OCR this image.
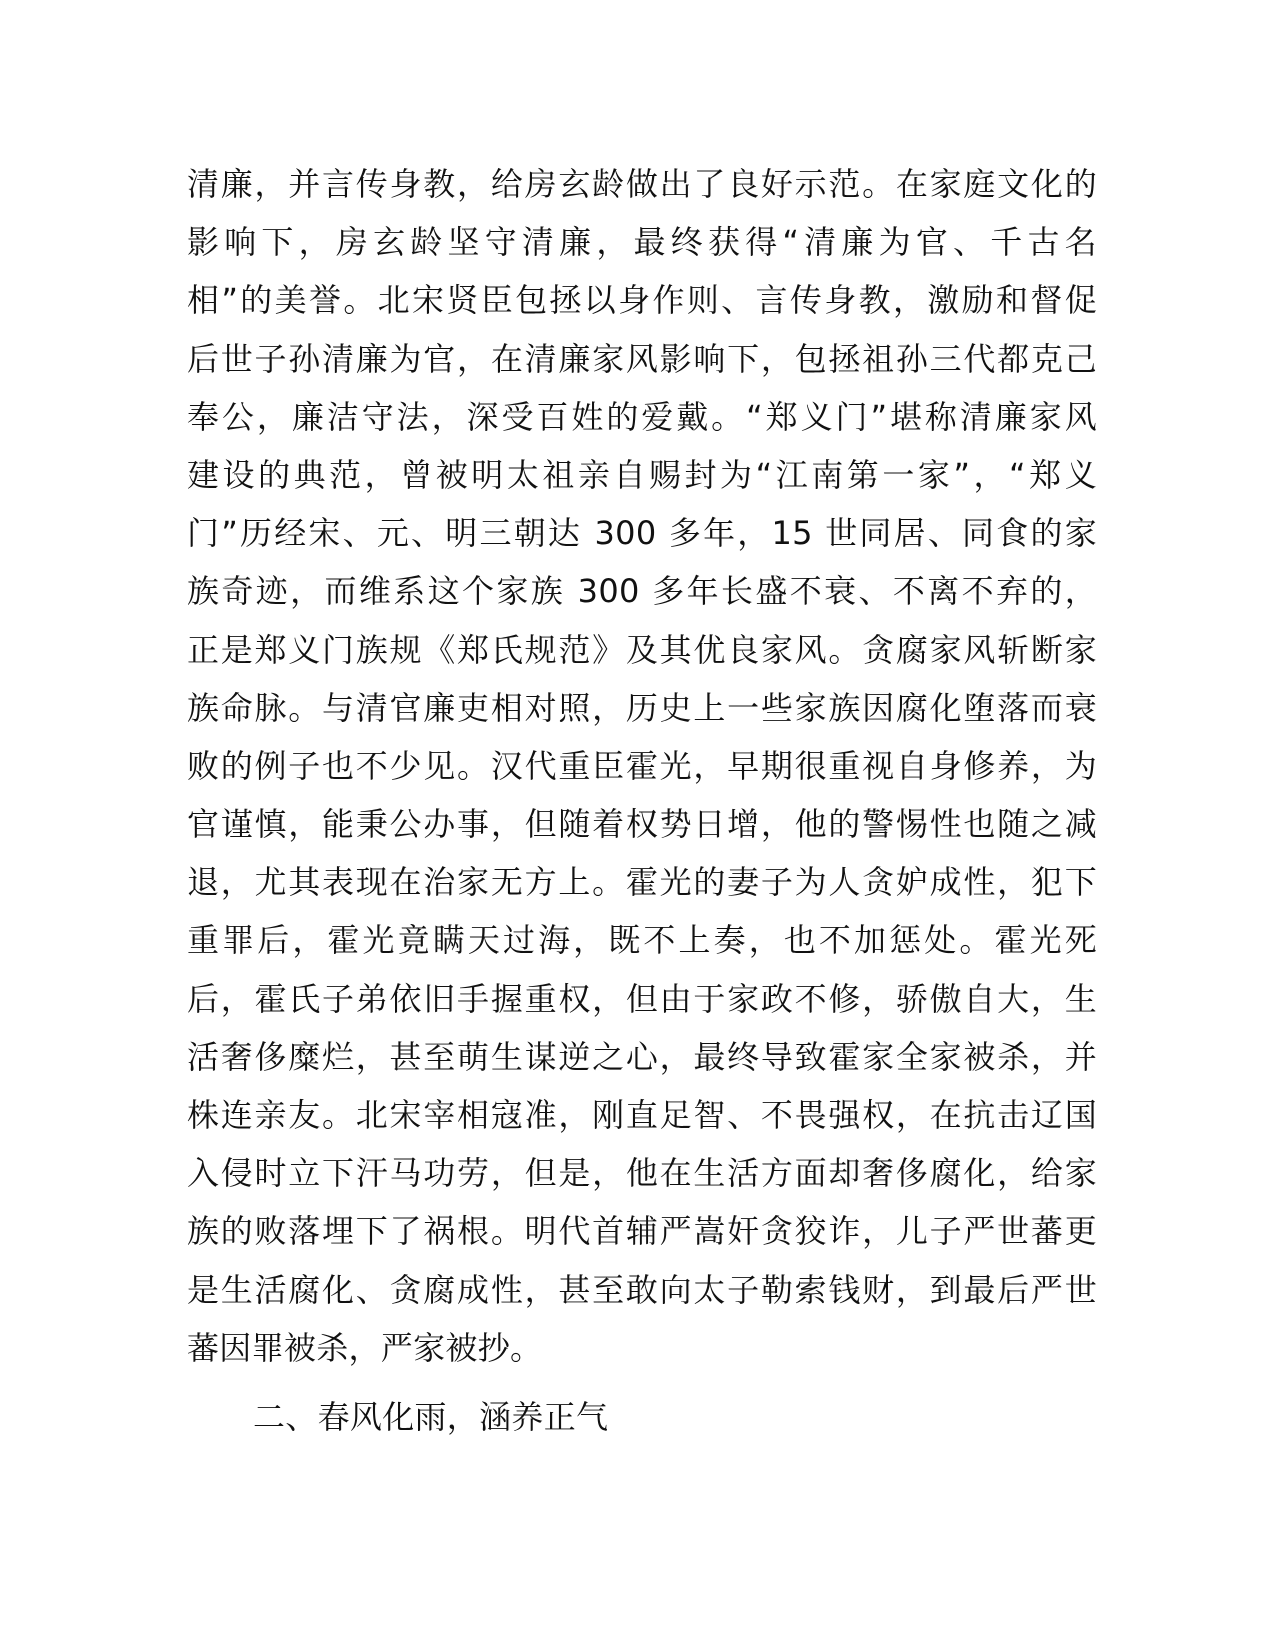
清廉，并言传身教，给房玄龄做出了良好示范。在家庭文化的
影响下，房玄龄坚守清廉，最终获得“清廉为官、千古名
相”的美誉。北宋贤臣包拯以身作则、言传身教，激励和督促
后世子孙清廉为官，在清廉家风影响下，包拯祖孙三代都克己
奉公，廉洁守法，深受百姓的爱戴。“郑义门”堪称清廉家风
建设的典范，曾被明太祖亲自赐封为“江南第一家”，“郑义
门”历经宋、元、明三朝达 300 多年，15 世同居、同食的家
族奇迹，而维系这个家族 300 多年长盛不衰、不离不弃的，
正是郑义门族规《郑氏规范》及其优良家风。贪腐家风斩断家
族命脉。与清官廉吏相对照，历史上一些家族因腐化堕落而衰
败的例子也不少见。汉代重臣霍光，早期很重视自身修养，为
官谨慎，能秉公办事，但随着权势日增，他的警惕性也随之减
退，尤其表现在治家无方上。霍光的妻子为人贪妒成性，犯下
重罪后，霍光竟瞒天过海，既不上奏，也不加惩处。霍光死
后，霍氏子弟依旧手握重权，但由于家政不修，骄傲自大，生
活奢侈糜烂，甚至萌生谋逆之心，最终导致霍家全家被杀，并
株连亲友。北宋宰相寇准，刚直足智、不畏强权，在抗击辽国
入侵时立下汗马功劳，但是，他在生活方面却奢侈腐化，给家
族的败落埋下了祸根。明代首辅严嵩奸贪狡诈，儿子严世蕃更
是生活腐化、贪腐成性，甚至敢向太子勒索钱财，到最后严世
蕃因罪被杀，严家被抄。
二、春风化雨，涵养正气
